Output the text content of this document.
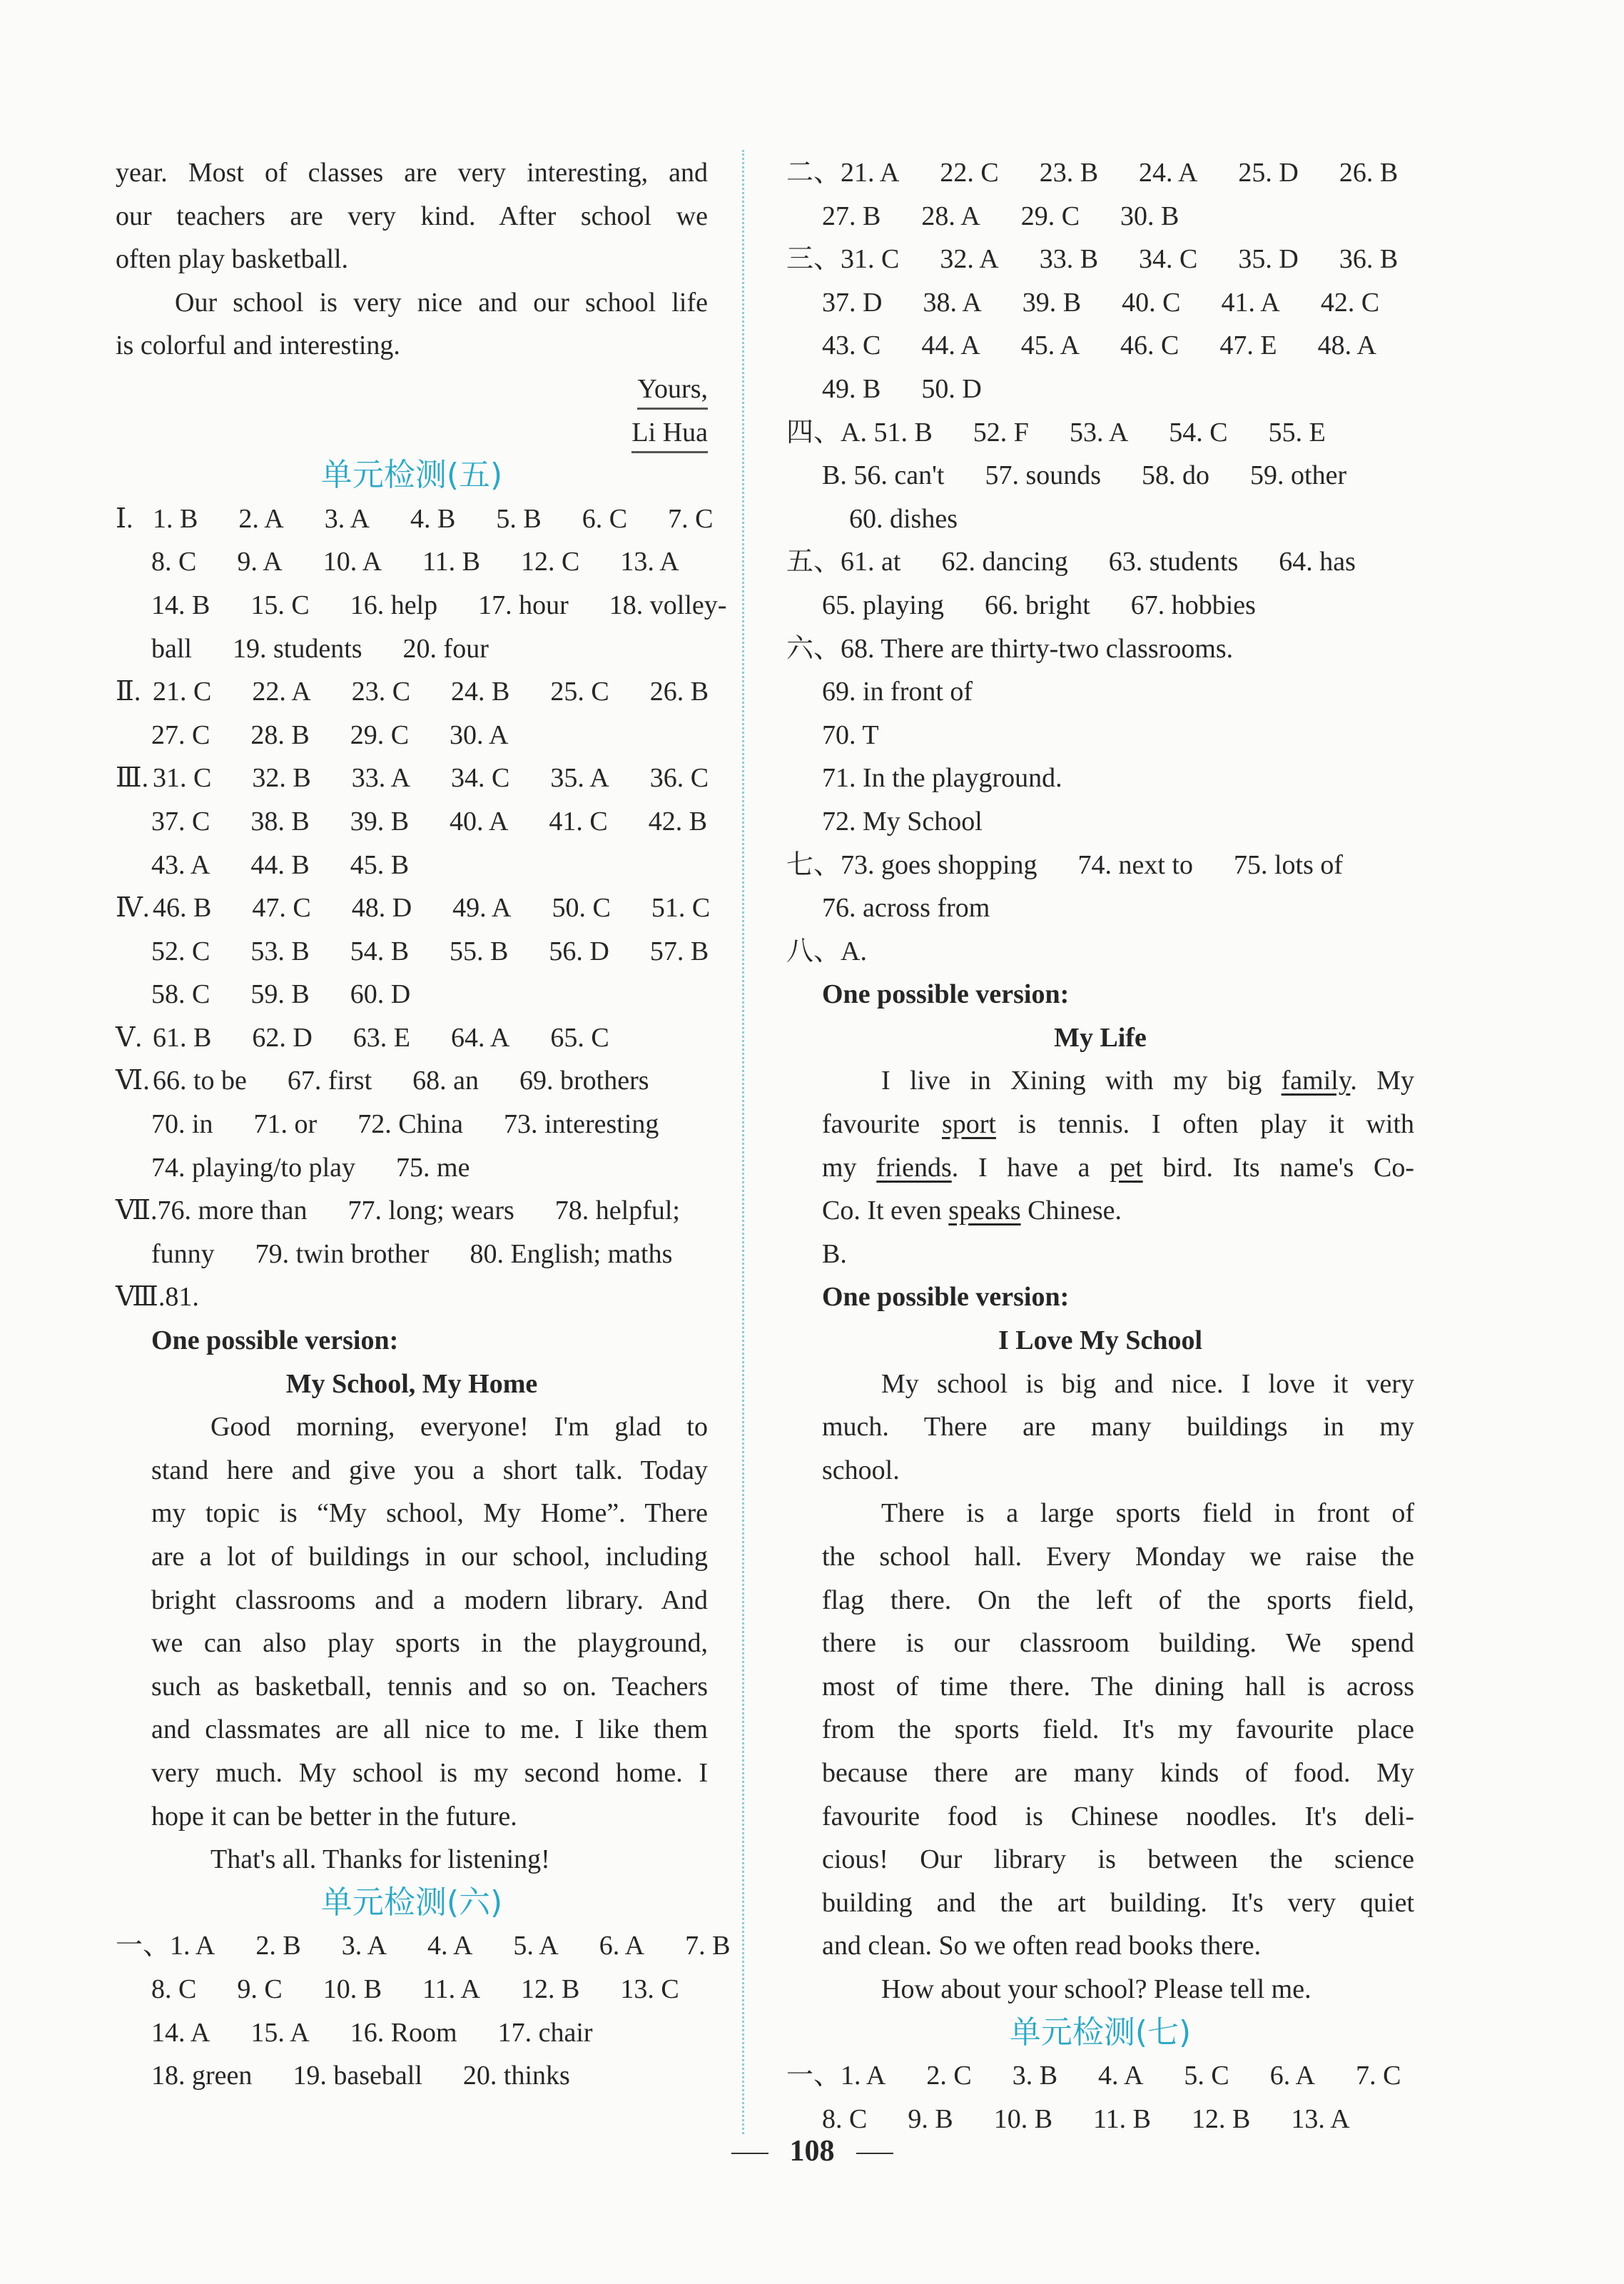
year. Most of classes are very interesting, and
our teachers are very kind. After school we
often play basketball.
Our school is very nice and our school life
is colorful and interesting.
Yours,
Li Hua
单元检测(五)
Ⅰ. 1. B  2. A  3. A  4. B  5. B  6. C  7. C
8. C  9. A  10. A  11. B  12. C  13. A
14. B  15. C  16. help  17. hour  18. volley-
ball  19. students  20. four
Ⅱ. 21. C  22. A  23. C  24. B  25. C  26. B
27. C  28. B  29. C  30. A
Ⅲ. 31. C  32. B  33. A  34. C  35. A  36. C
37. C  38. B  39. B  40. A  41. C  42. B
43. A  44. B  45. B
Ⅳ. 46. B  47. C  48. D  49. A  50. C  51. C
52. C  53. B  54. B  55. B  56. D  57. B
58. C  59. B  60. D
Ⅴ. 61. B  62. D  63. E  64. A  65. C
Ⅵ. 66. to be  67. first  68. an  69. brothers
70. in  71. or  72. China  73. interesting
74. playing/to play  75. me
Ⅶ.76. more than  77. long; wears  78. helpful;
funny  79. twin brother  80. English; maths
Ⅷ.81.
One possible version:
My School, My Home
Good morning, everyone! I'm glad to
stand here and give you a short talk. Today
my topic is “My school, My Home”. There
are a lot of buildings in our school, including
bright classrooms and a modern library. And
we can also play sports in the playground,
such as basketball, tennis and so on. Teachers
and classmates are all nice to me. I like them
very much. My school is my second home. I
hope it can be better in the future.
That's all. Thanks for listening!
单元检测(六)
一、1. A  2. B  3. A  4. A  5. A  6. A  7. B
8. C  9. C  10. B  11. A  12. B  13. C
14. A  15. A  16. Room  17. chair
18. green  19. baseball  20. thinks
二、21. A  22. C  23. B  24. A  25. D  26. B
27. B  28. A  29. C  30. B
三、31. C  32. A  33. B  34. C  35. D  36. B
37. D  38. A  39. B  40. C  41. A  42. C
43. C  44. A  45. A  46. C  47. E  48. A
49. B  50. D
四、A. 51. B  52. F  53. A  54. C  55. E
B. 56. can't  57. sounds  58. do  59. other
60. dishes
五、61. at  62. dancing  63. students  64. has
65. playing  66. bright  67. hobbies
六、68. There are thirty-two classrooms.
69. in front of
70. T
71. In the playground.
72. My School
七、73. goes shopping  74. next to  75. lots of
76. across from
八、A.
One possible version:
My Life
I live in Xining with my big family. My
favourite sport is tennis. I often play it with
my friends. I have a pet bird. Its name's Co-
Co. It even speaks Chinese.
B.
One possible version:
I Love My School
My school is big and nice. I love it very
much. There are many buildings in my
school.
There is a large sports field in front of
the school hall. Every Monday we raise the
flag there. On the left of the sports field,
there is our classroom building. We spend
most of time there. The dining hall is across
from the sports field. It's my favourite place
because there are many kinds of food. My
favourite food is Chinese noodles. It's deli-
cious! Our library is between the science
building and the art building. It's very quiet
and clean. So we often read books there.
How about your school? Please tell me.
单元检测(七)
一、1. A  2. C  3. B  4. A  5. C  6. A  7. C
8. C  9. B  10. B  11. B  12. B  13. A
108
